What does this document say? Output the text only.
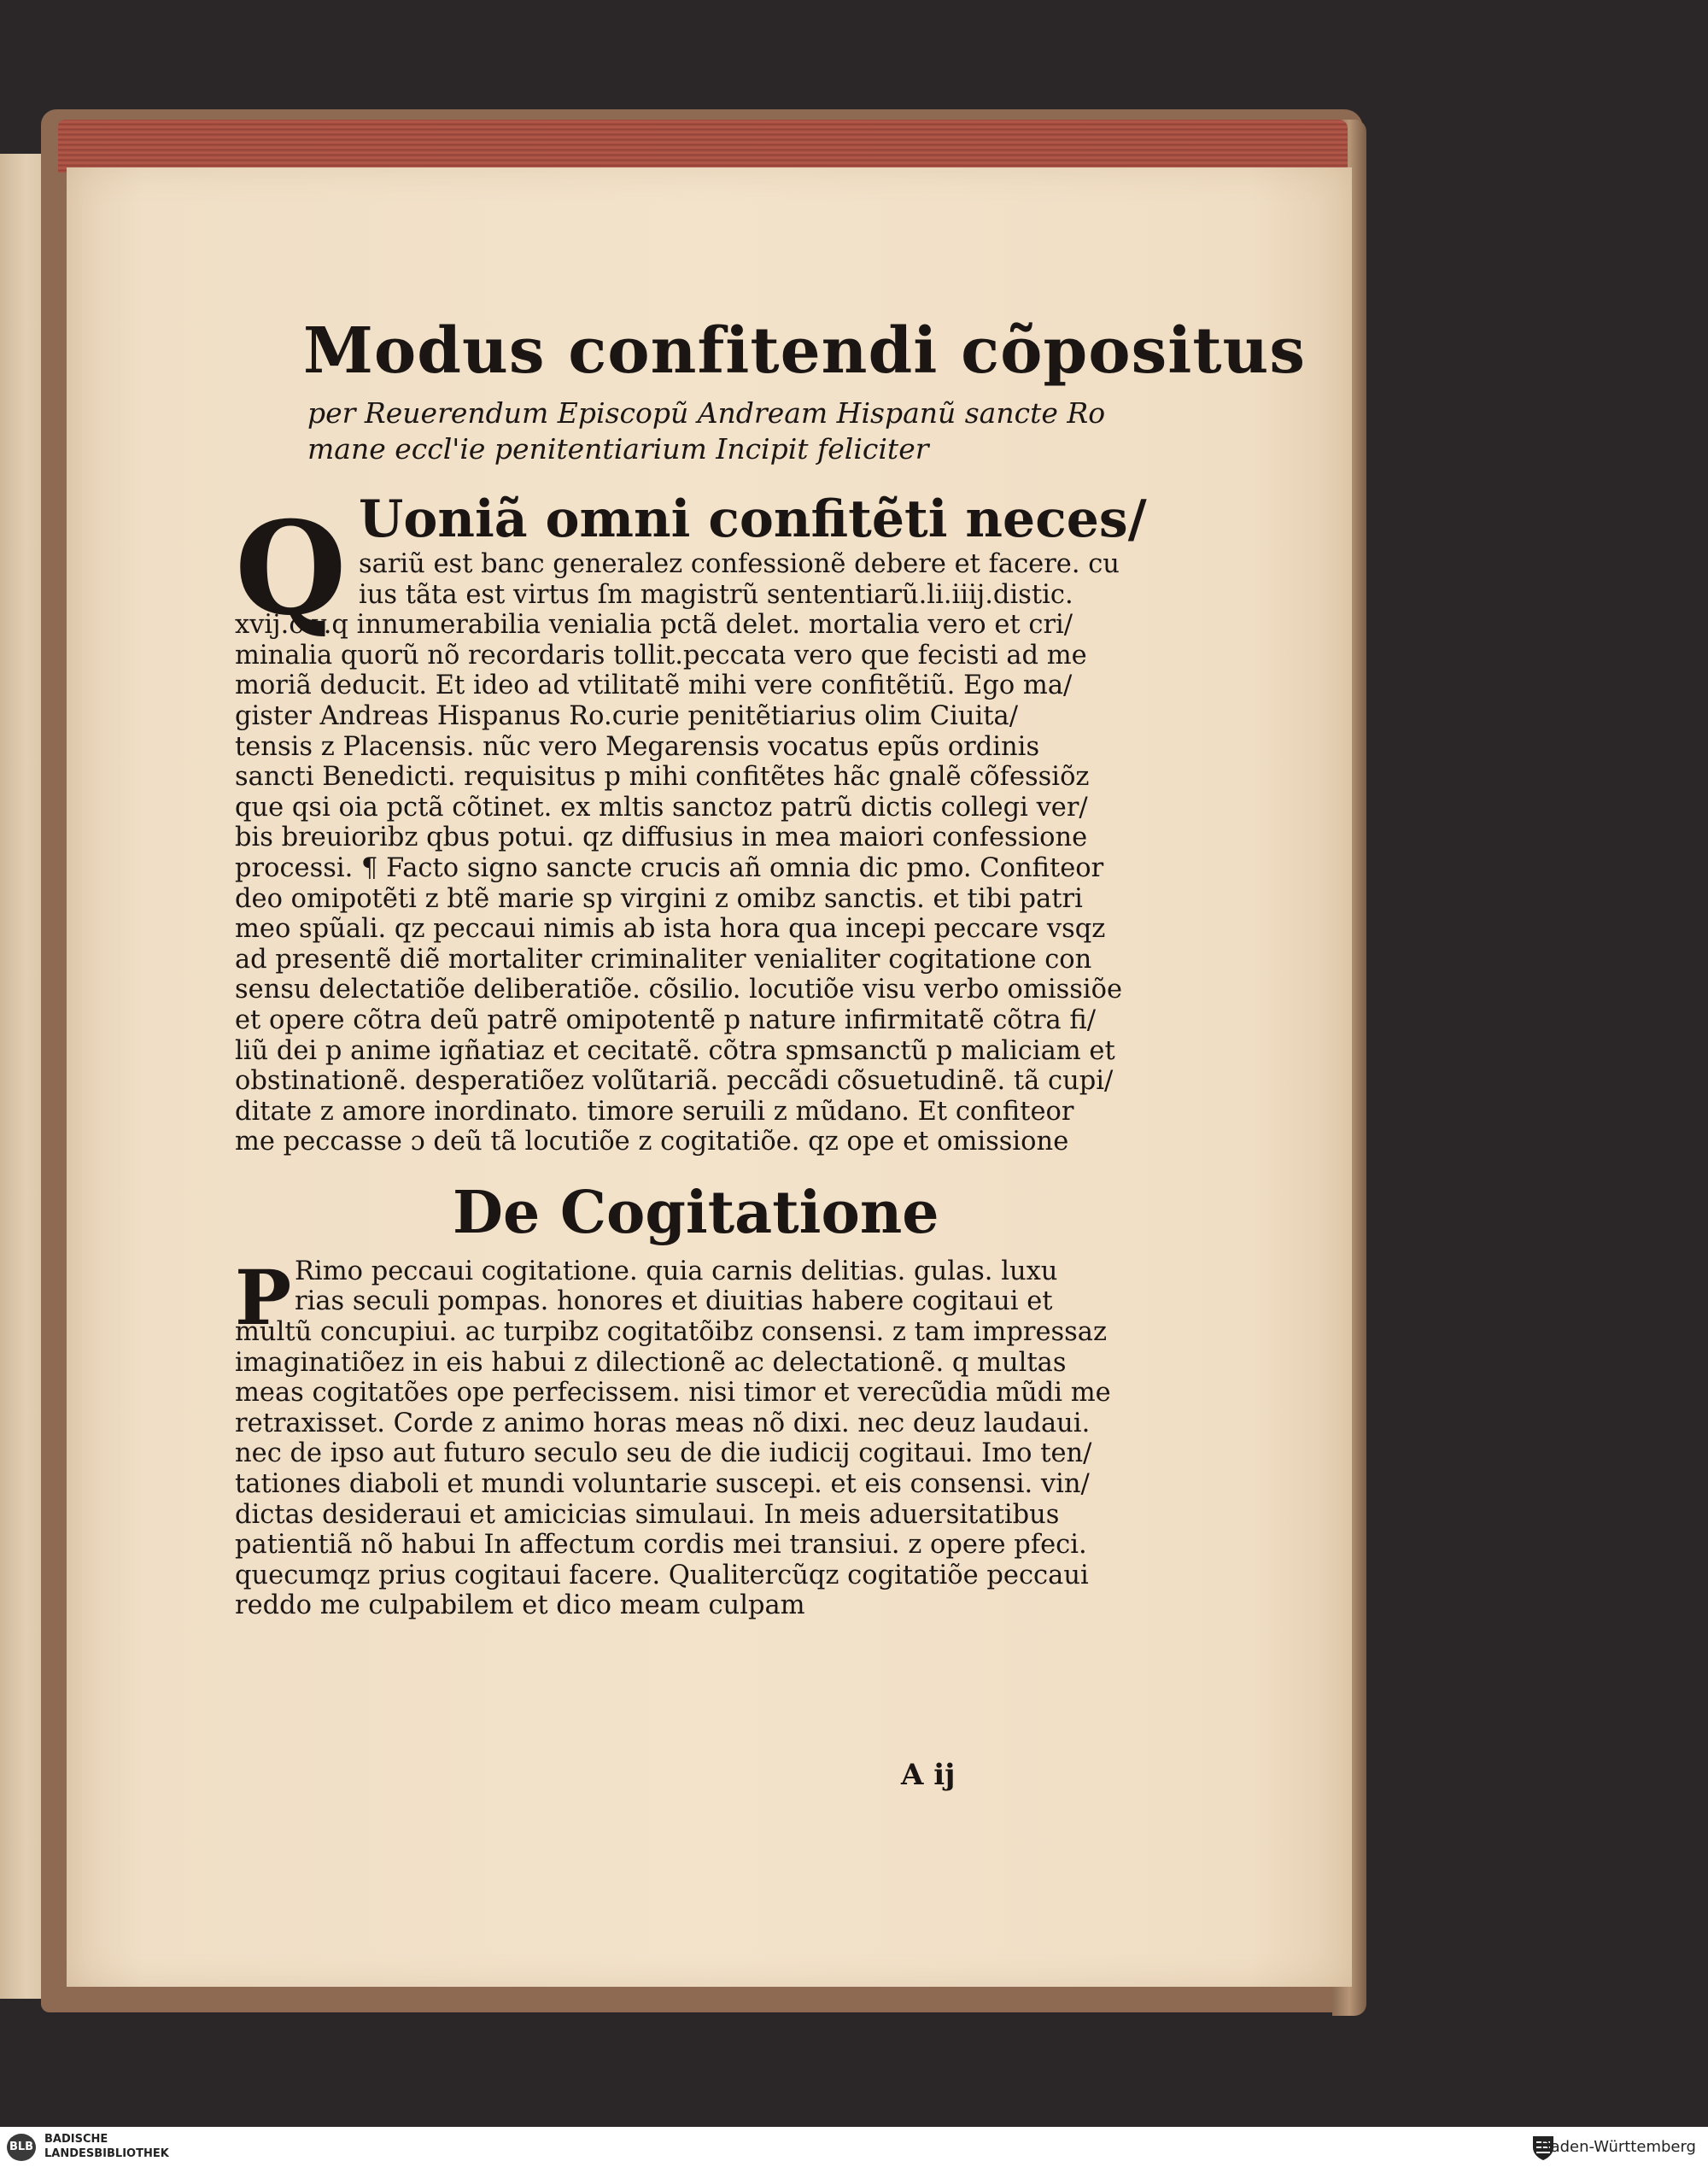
Modus confitendi cõpositus
per Reuerendum Episcopũ Andream Hispanũ sancte Ro
mane eccl'ie penitentiarium Incipit feliciter
Q Uoniã omni confitẽti neces/
sariũ est banc generalez confessionẽ debere et facere. cu
ius tãta est virtus ſm magistrũ sententiarũ.li.iiij.distic.
xvij.c.v.q innumerabilia venialia pctã delet. mortalia vero et cri/
minalia quorũ nõ recordaris tollit.peccata vero que fecisti ad me
moriã deducit. Et ideo ad vtilitatẽ mihi vere confitẽtiũ. Ego ma/
gister Andreas Hispanus Ro.curie penitẽtiarius olim Ciuita/
tensis z Placensis. nũc vero Megarensis vocatus epũs ordinis
sancti Benedicti. requisitus p mihi confitẽtes hãc gnalẽ cõfessiõz
que qsi oia pctã cõtinet. ex mltis sanctoz patrũ dictis collegi ver/
bis breuioribz qbus potui. qz diffusius in mea maiori confessione
processi. ¶ Facto signo sancte crucis añ omnia dic pmo. Confiteor
deo omipotẽti z btẽ marie sp virgini z omibz sanctis. et tibi patri
meo spũali. qz peccaui nimis ab ista hora qua incepi peccare vsqz
ad presentẽ diẽ mortaliter criminaliter venialiter cogitatione con
sensu delectatiõe deliberatiõe. cõsilio. locutiõe visu verbo omissiõe
et opere cõtra deũ patrẽ omipotentẽ p nature infirmitatẽ cõtra fi/
liũ dei p anime igñatiaz et cecitatẽ. cõtra spmsanctũ p maliciam et
obstinationẽ. desperatiõez volũtariã. peccãdi cõsuetudinẽ. tã cupi/
ditate z amore inordinato. timore seruili z mũdano. Et confiteor
me peccasse ɔ deũ tã locutiõe z cogitatiõe. qz ope et omissione
De Cogitatione
P Rimo peccaui cogitatione. quia carnis delitias. gulas. luxu
rias seculi pompas. honores et diuitias habere cogitaui et
multũ concupiui. ac turpibz cogitatõibz consensi. z tam impressaz
imaginatiõez in eis habui z dilectionẽ ac delectationẽ. q multas
meas cogitatões ope perfecissem. nisi timor et verecũdia mũdi me
retraxisset. Corde z animo horas meas nõ dixi. nec deuz laudaui.
nec de ipso aut futuro seculo seu de die iudicij cogitaui. Imo ten/
tationes diaboli et mundi voluntarie suscepi. et eis consensi. vin/
dictas desideraui et amicicias simulaui. In meis aduersitatibus
patientiã nõ habui In affectum cordis mei transiui. z opere pfeci.
quecumqz prius cogitaui facere. Qualitercũqz cogitatiõe peccaui
reddo me culpabilem et dico meam culpam
A ij
BLB
BADISCHE
LANDESBIBLIOTHEK	Baden-Württemberg
